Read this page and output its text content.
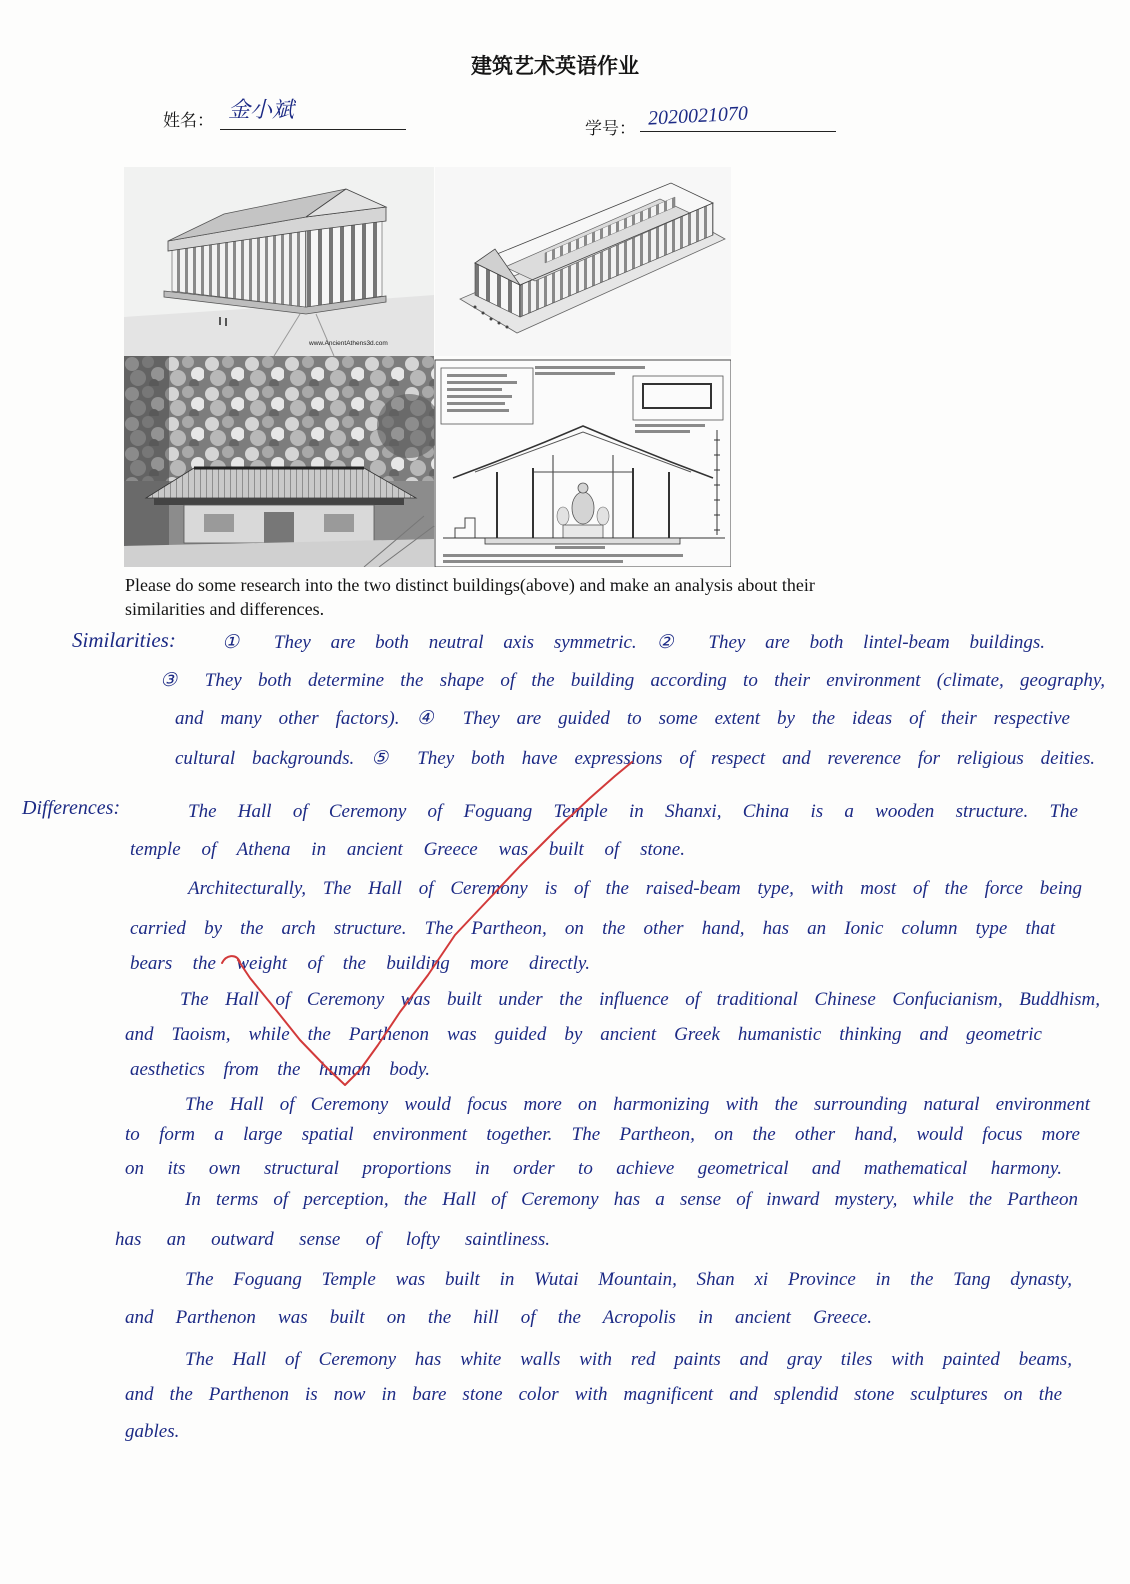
建筑艺术英语作业
姓名： 金小斌
学号： 2020021070
www.AncientAthens3d.com
Please do some research into the two distinct buildings(above) and make an analysis about their
similarities and differences.
Similarities: ① They are both neutral axis symmetric. ② They are both lintel-beam buildings.
③ They both determine the shape of the building according to their environment (climate, geography,
and many other factors). ④ They are guided to some extent by the ideas of their respective
cultural backgrounds. ⑤ They both have expressions of respect and reverence for religious deities.
Differences:	The Hall of Ceremony of Foguang Temple in Shanxi, China is a wooden structure. The
temple of Athena in ancient Greece was built of stone.
Architecturally, The Hall of Ceremony is of the raised-beam type, with most of the force being
carried by the arch structure. The Partheon, on the other hand, has an Ionic column type that
bears the weight of the building more directly.
The Hall of Ceremony was built under the influence of traditional Chinese Confucianism, Buddhism,
and Taoism, while the Parthenon was guided by ancient Greek humanistic thinking and geometric
aesthetics from the human body.
The Hall of Ceremony would focus more on harmonizing with the surrounding natural environment
to form a large spatial environment together. The Partheon, on the other hand, would focus more
on its own structural proportions in order to achieve geometrical and mathematical harmony.
In terms of perception, the Hall of Ceremony has a sense of inward mystery, while the Partheon
has an outward sense of lofty saintliness.
The Foguang Temple was built in Wutai Mountain, Shan xi Province in the Tang dynasty,
and Parthenon was built on the hill of the Acropolis in ancient Greece.
The Hall of Ceremony has white walls with red paints and gray tiles with painted beams,
and the Parthenon is now in bare stone color with magnificent and splendid stone sculptures on the
gables.
